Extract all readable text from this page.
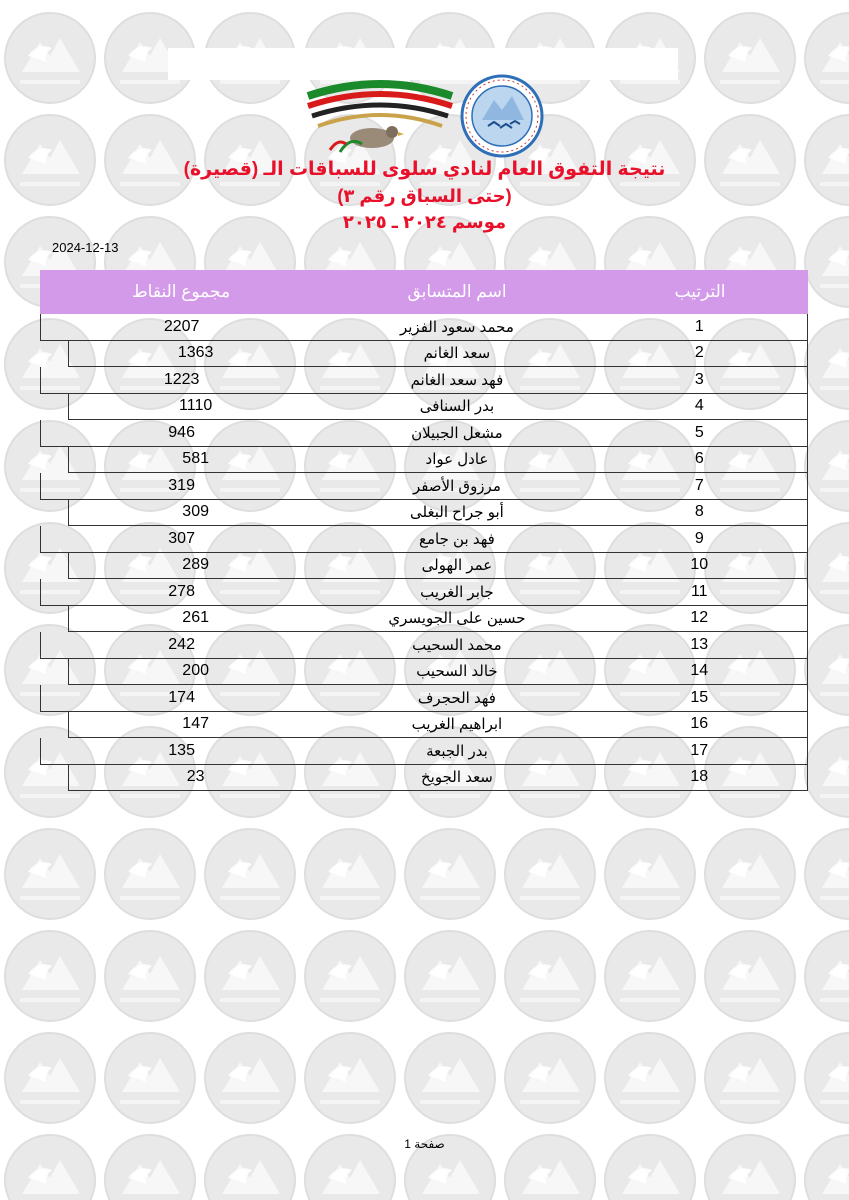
نتيجة التفوق العام لنادي سلوى للسباقات الـ (قصيرة)
(حتى السباق رقم ٣)
موسم ٢٠٢٤ ـ ٢٠٢٥
2024-12-13
مجموع النقاط	اسم المتسابق	الترتيب
2207	محمد سعود الفزير	1
1363	سعد الغانم	2
1223	فهد سعد الغانم	3
1110	بدر السنافى	4
946	مشعل الجبيلان	5
581	عادل عواد	6
319	مرزوق الأصفر	7
309	أبو جراح البغلى	8
307	فهد بن جامع	9
289	عمر الهولى	10
278	جابر الغريب	11
261	حسين على الجويسري	12
242	محمد السحيب	13
200	خالد السحيب	14
174	فهد الحجرف	15
147	ابراهيم الغريب	16
135	بدر الجبعة	17
23	سعد الجويخ	18
صفحة 1
